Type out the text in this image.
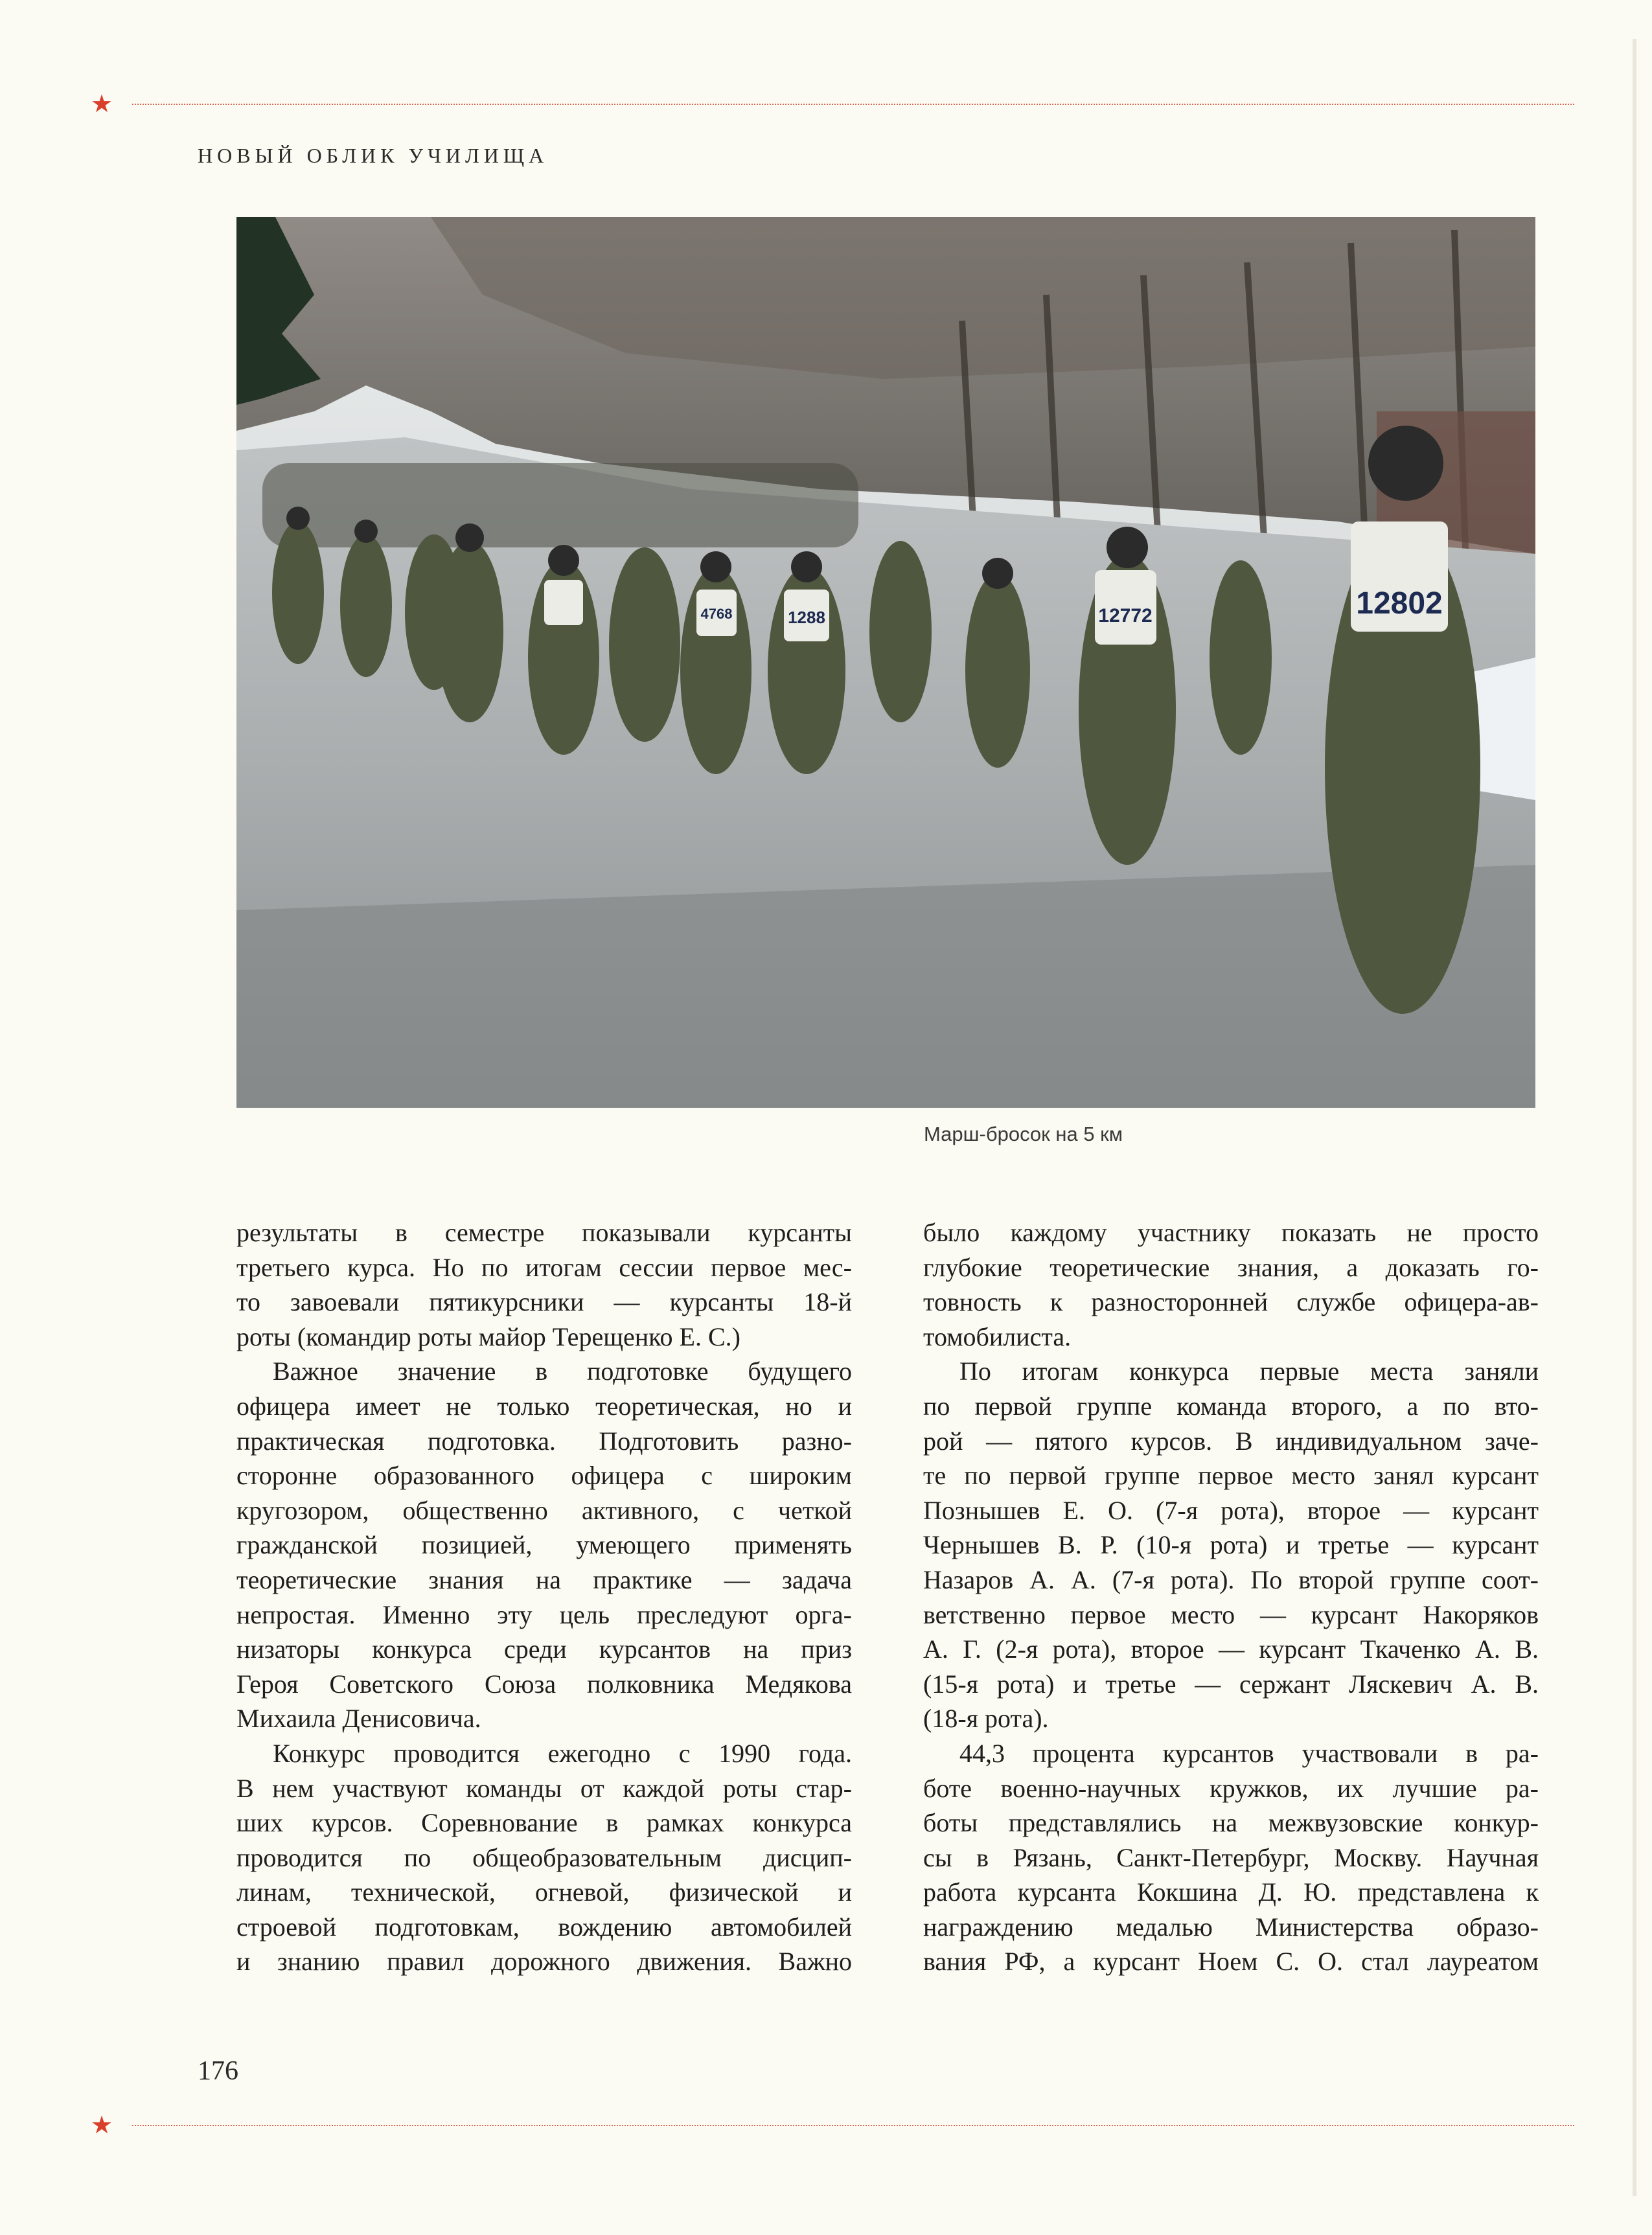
★
НОВЫЙ ОБЛИК УЧИЛИЩА
12802
12772
1288
4768
Марш-бросок на 5 км

результаты в семестре показывали курсанты
третьего курса. Но по итогам сессии первое мес-
то завоевали пятикурсники — курсанты 18-й
роты (командир роты майор Терещенко Е. С.)

Важное значение в подготовке будущего
офицера имеет не только теоретическая, но и
практическая подготовка. Подготовить разно-
сторонне образованного офицера с широким
кругозором, общественно активного, с четкой
гражданской позицией, умеющего применять
теоретические знания на практике — задача
непростая. Именно эту цель преследуют орга-
низаторы конкурса среди курсантов на приз
Героя Советского Союза полковника Медякова
Михаила Денисовича.

Конкурс проводится ежегодно с 1990 года.
В нем участвуют команды от каждой роты стар-
ших курсов. Соревнование в рамках конкурса
проводится по общеобразовательным дисцип-
линам, технической, огневой, физической и
строевой подготовкам, вождению автомобилей
и знанию правил дорожного движения. Важно

было каждому участнику показать не просто
глубокие теоретические знания, а доказать го-
товность к разносторонней службе офицера-ав-
томобилиста.

По итогам конкурса первые места заняли
по первой группе команда второго, а по вто-
рой — пятого курсов. В индивидуальном заче-
те по первой группе первое место занял курсант
Познышев Е. О. (7-я рота), второе — курсант
Чернышев В. Р. (10-я рота) и третье — курсант
Назаров А. А. (7-я рота). По второй группе соот-
ветственно первое место — курсант Накоряков
А. Г. (2-я рота), второе — курсант Ткаченко А. В.
(15-я рота) и третье — сержант Ляскевич А. В.
(18-я рота).

44,3 процента курсантов участвовали в ра-
боте военно-научных кружков, их лучшие ра-
боты представлялись на межвузовские конкур-
сы в Рязань, Санкт-Петербург, Москву. Научная
работа курсанта Кокшина Д. Ю. представлена к
награждению медалью Министерства образо-
вания РФ, а курсант Ноем С. О. стал лауреатом

176
★
